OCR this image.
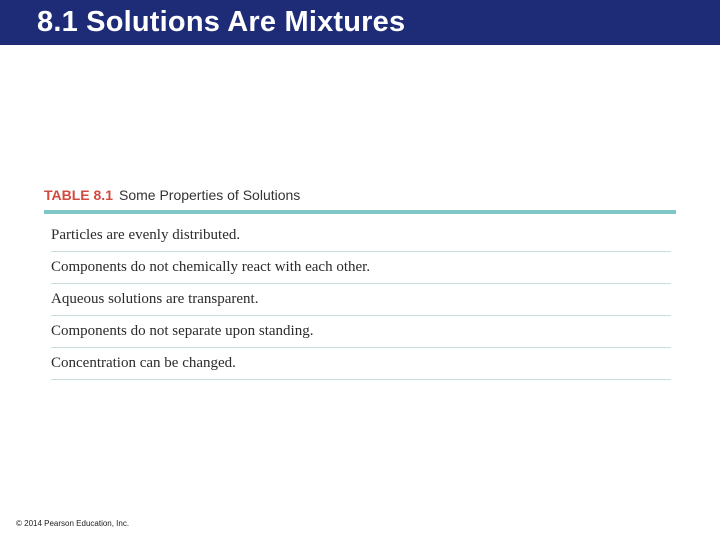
8.1 Solutions Are Mixtures
TABLE 8.1 Some Properties of Solutions
Particles are evenly distributed.
Components do not chemically react with each other.
Aqueous solutions are transparent.
Components do not separate upon standing.
Concentration can be changed.
© 2014 Pearson Education, Inc.
